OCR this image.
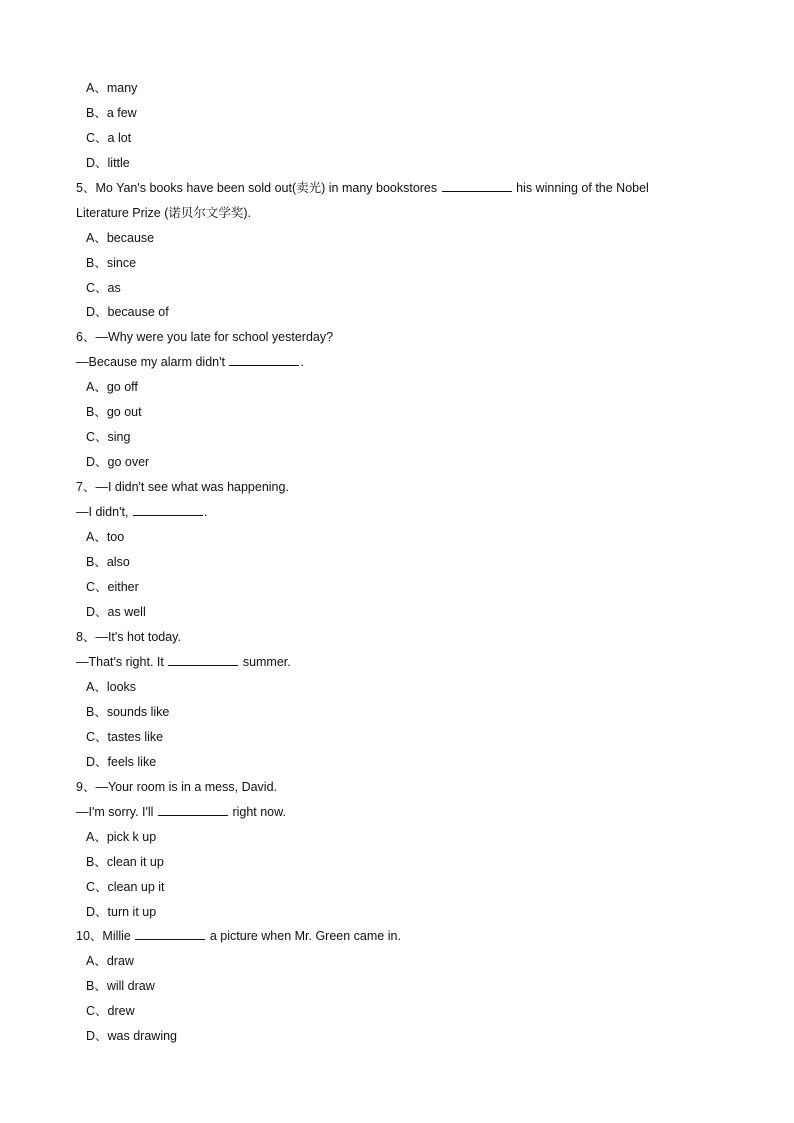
A、many
B、a few
C、a lot
D、little
5、Mo Yan's books have been sold out(卖光) in many bookstores	his winning of the Nobel
Literature Prize (诺贝尔文学奖).
A、because
B、since
C、as
D、because of
6、—Why were you late for school yesterday?
—Because my alarm didn't	.
A、go off
B、go out
C、sing
D、go over
7、—I didn't see what was happening.
—I didn't,	.
A、too
B、also
C、either
D、as well
8、—It's hot today.
—That's right. It	summer.
A、looks
B、sounds like
C、tastes like
D、feels like
9、—Your room is in a mess, David.
—I'm sorry. I'll	right now.
A、pick k up
B、clean it up
C、clean up it
D、turn it up
10、Millie	a picture when Mr. Green came in.
A、draw
B、will draw
C、drew
D、was drawing
